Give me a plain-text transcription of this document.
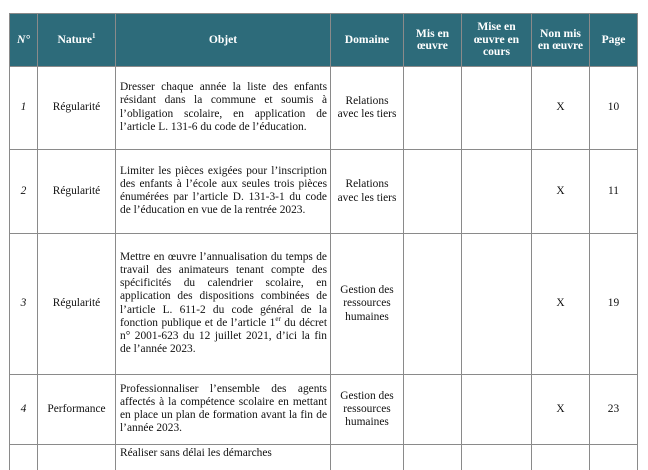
N°	Nature$^1$	Objet	Domaine	Mis en œuvre	Mise en œuvre en cours	Non mis en œuvre	Page
1	Régularité	Dresser chaque année la liste des enfants résidant dans la commune et soumis à l’obligation scolaire, en application de l’article L. 131-6 du code de l’éducation.	Relations avec les tiers			X	10
2	Régularité	Limiter les pièces exigées pour l’inscription des enfants à l’école aux seules trois pièces énumérées par l’article D. 131-3-1 du code de l’éducation en vue de la rentrée 2023.	Relations avec les tiers			X	11
3	Régularité	Mettre en œuvre l’annualisation du temps de travail des animateurs tenant compte des spécificités du calendrier scolaire, en application des dispositions combinées de l’article L. 611-2 du code général de la fonction publique et de l’article 1er du décret n° 2001-623 du 12 juillet 2021, d’ici la fin de l’année 2023.	Gestion des ressources humaines			X	19
4	Performance	Professionnaliser l’ensemble des agents affectés à la compétence scolaire en mettant en place un plan de formation avant la fin de l’année 2023.	Gestion des ressources humaines			X	23
		Réaliser sans délai les démarches					
